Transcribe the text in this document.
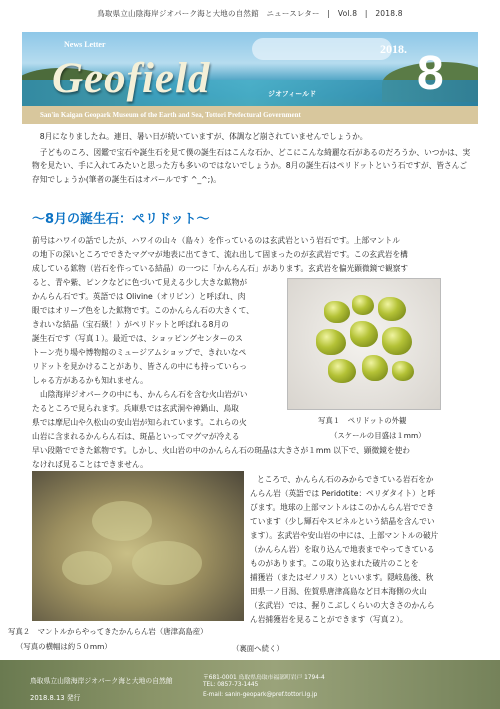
鳥取県立山陰海岸ジオパーク海と大地の自然館　ニュースレター　|　Vol.8　|　2018.8
News Letter
Geofield	ジオフィールド
2018. 8
San'in Kaigan Geopark Museum of the Earth and Sea, Tottori Prefectural Government

8月になりましたね。連日、暑い日が続いていますが、体調など崩されていませんでしょうか。

子どものころ、図鑑で宝石や誕生石を見て僕の誕生石はこんな石か、どこにこんな綺麗な石があるのだろうか、いつかは、実物を見たい、手に入れてみたいと思った方も多いのではないでしょうか。8月の誕生石はペリドットという石ですが、皆さんご存知でしょうか(筆者の誕生石はオパールです ^_^;)。

～8月の誕生石：ペリドット～
前号はハワイの話でしたが、ハワイの山々（島々）を作っているのは玄武岩という岩石です。上部マントル
の地下の深いところでできたマグマが地表に出てきて、流れ出して固まったのが玄武岩です。この玄武岩を構
成している鉱物（岩石を作っている結晶）の一つに「かんらん石」があります。玄武岩を偏光顕微鏡で観察す
ると、青や紫、ピンクなどに色づいて見える少し大きな鉱物が
かんらん石です。英語では Olivine（オリビン）と呼ばれ、肉
眼ではオリーブ色をした鉱物です。このかんらん石の大きくて、
きれいな結晶（宝石級！）がペリドットと呼ばれる8月の
誕生石です（写真１）。最近では、ショッピングセンターのス
トーン売り場や博物館のミュージアムショップで、きれいなペ
リドットを見かけることがあり、皆さんの中にも持っていらっ
しゃる方があるかも知れません。
山陰海岸ジオパークの中にも、かんらん石を含む火山岩がい
たるところで見られます。兵庫県では玄武洞や神鍋山、鳥取
県では摩尼山や久松山の安山岩が知られています。これらの火
山岩に含まれるかんらん石は、斑晶といってマグマが冷える
早い段階でできた鉱物です。しかし、火山岩の中のかんらん石の斑晶は大きさが１mm 以下で、顕微鏡を使わ
なければ見ることはできません。
ところで、かんらん石のみからできている岩石をか
んらん岩（英語では Peridotite：ペリダタイト）と呼
びます。地球の上部マントルはこのかんらん岩ででき
ています（少し輝石やスピネルという結晶を含んでい
ます）。玄武岩や安山岩の中には、上部マントルの破片
（かんらん岩）を取り込んで地表までやってきている
ものがあります。この取り込まれた破片のことを
捕獲岩（またはゼノリス）といいます。隠岐島後、秋
田県一ノ目潟、佐賀県唐津高島など日本海側の火山
（玄武岩）では、握りこぶしくらいの大きさのかんら
ん岩捕獲岩を見ることができます（写真２）。
写真１　ペリドットの外観
（スケールの目盛は１mm）
写真２　マントルからやってきたかんらん岩（唐津高島産）
（写真の横幅は約５０mm）	（裏面へ続く）
鳥取県立山陰海岸ジオパーク海と大地の自然館
2018.8.13 発行
〒681-0001 鳥取県鳥取市福部町岩戸 1794-4
TEL: 0857-73-1445
E-mail: sanin-geopark@pref.tottori.lg.jp
